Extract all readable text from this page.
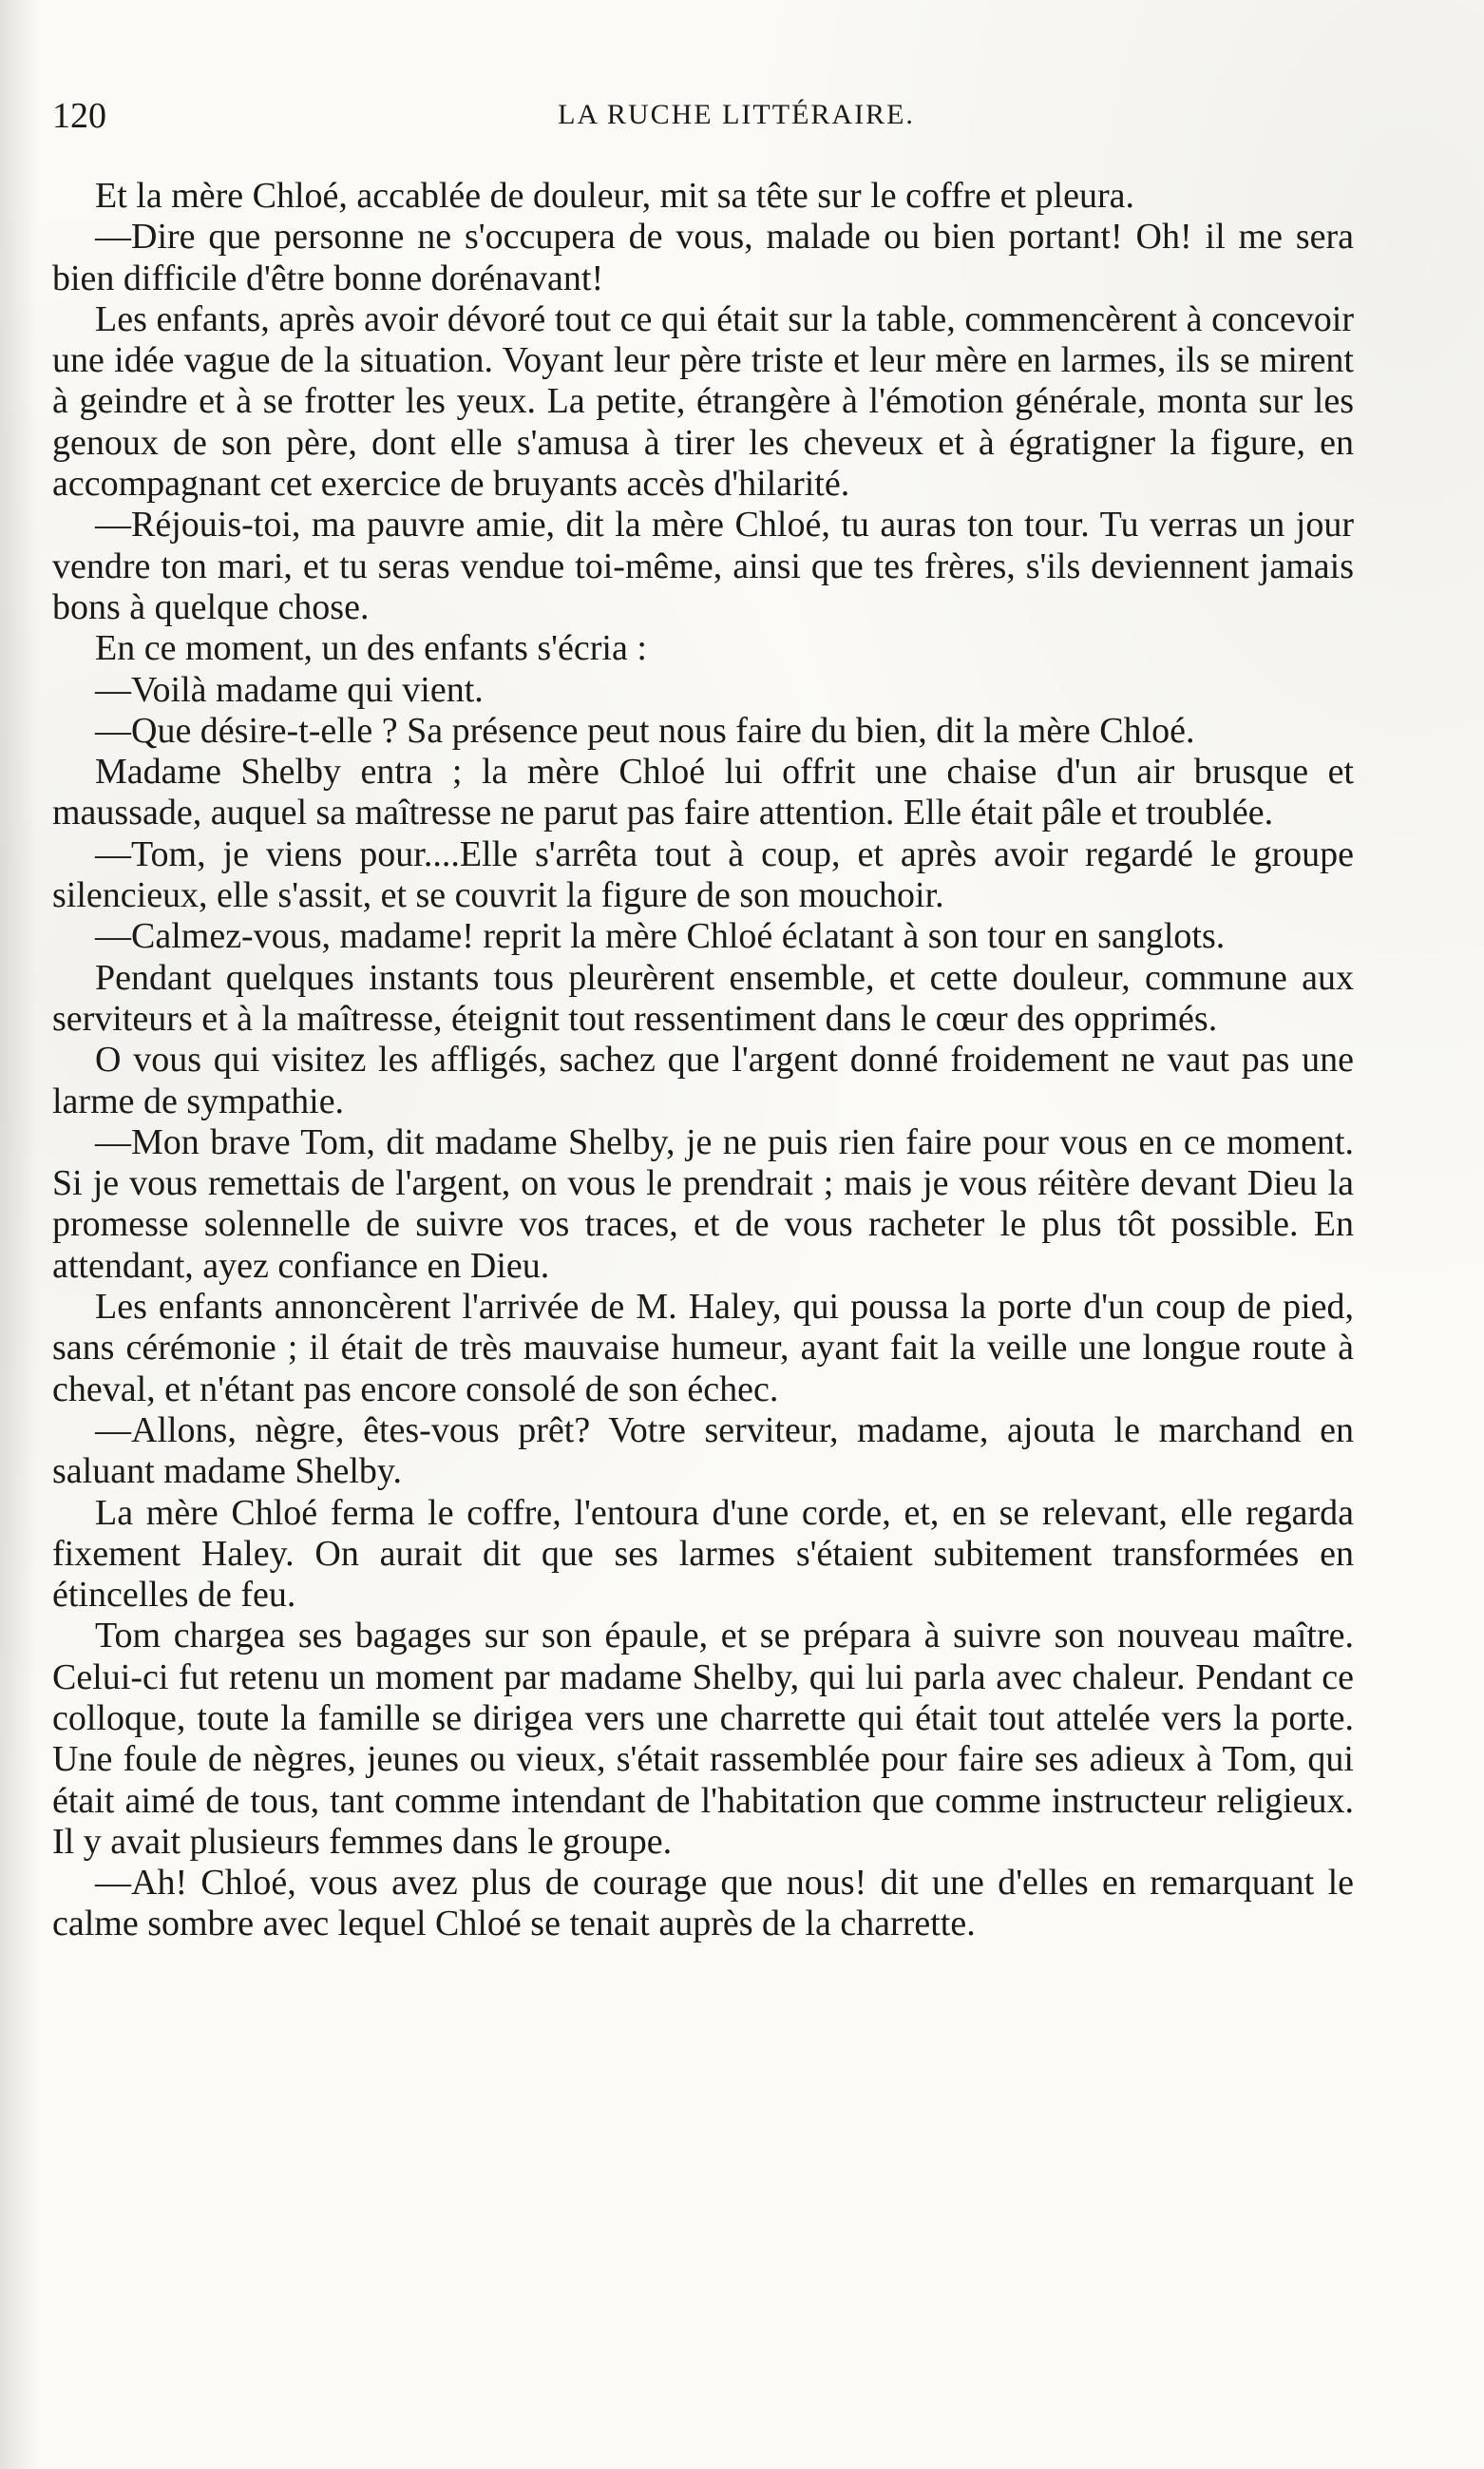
120	LA RUCHE LITTÉRAIRE.

Et la mère Chloé, accablée de douleur, mit sa tête sur le coffre et pleura.

—Dire que personne ne s'occupera de vous, malade ou bien portant! Oh! il me sera bien difficile d'être bonne dorénavant!

Les enfants, après avoir dévoré tout ce qui était sur la table, commencèrent à concevoir une idée vague de la situation. Voyant leur père triste et leur mère en larmes, ils se mirent à geindre et à se frotter les yeux. La petite, étrangère à l'émotion générale, monta sur les genoux de son père, dont elle s'amusa à tirer les cheveux et à égratigner la figure, en accompagnant cet exercice de bruyants accès d'hilarité.

—Réjouis-toi, ma pauvre amie, dit la mère Chloé, tu auras ton tour. Tu verras un jour vendre ton mari, et tu seras vendue toi-même, ainsi que tes frères, s'ils deviennent jamais bons à quelque chose.

En ce moment, un des enfants s'écria :

—Voilà madame qui vient.

—Que désire-t-elle ? Sa présence peut nous faire du bien, dit la mère Chloé.

Madame Shelby entra ; la mère Chloé lui offrit une chaise d'un air brusque et maussade, auquel sa maîtresse ne parut pas faire attention. Elle était pâle et troublée.

—Tom, je viens pour....Elle s'arrêta tout à coup, et après avoir regardé le groupe silencieux, elle s'assit, et se couvrit la figure de son mouchoir.

—Calmez-vous, madame! reprit la mère Chloé éclatant à son tour en sanglots.

Pendant quelques instants tous pleurèrent ensemble, et cette douleur, commune aux serviteurs et à la maîtresse, éteignit tout ressentiment dans le cœur des opprimés.

O vous qui visitez les affligés, sachez que l'argent donné froidement ne vaut pas une larme de sympathie.

—Mon brave Tom, dit madame Shelby, je ne puis rien faire pour vous en ce moment. Si je vous remettais de l'argent, on vous le prendrait ; mais je vous réitère devant Dieu la promesse solennelle de suivre vos traces, et de vous racheter le plus tôt possible. En attendant, ayez confiance en Dieu.

Les enfants annoncèrent l'arrivée de M. Haley, qui poussa la porte d'un coup de pied, sans cérémonie ; il était de très mauvaise humeur, ayant fait la veille une longue route à cheval, et n'étant pas encore consolé de son échec.

—Allons, nègre, êtes-vous prêt? Votre serviteur, madame, ajouta le marchand en saluant madame Shelby.

La mère Chloé ferma le coffre, l'entoura d'une corde, et, en se relevant, elle regarda fixement Haley. On aurait dit que ses larmes s'étaient subitement transformées en étincelles de feu.

Tom chargea ses bagages sur son épaule, et se prépara à suivre son nouveau maître. Celui-ci fut retenu un moment par madame Shelby, qui lui parla avec chaleur. Pendant ce colloque, toute la famille se dirigea vers une charrette qui était tout attelée vers la porte. Une foule de nègres, jeunes ou vieux, s'était rassemblée pour faire ses adieux à Tom, qui était aimé de tous, tant comme intendant de l'habitation que comme instructeur religieux. Il y avait plusieurs femmes dans le groupe.

—Ah! Chloé, vous avez plus de courage que nous! dit une d'elles en remarquant le calme sombre avec lequel Chloé se tenait auprès de la charrette.
